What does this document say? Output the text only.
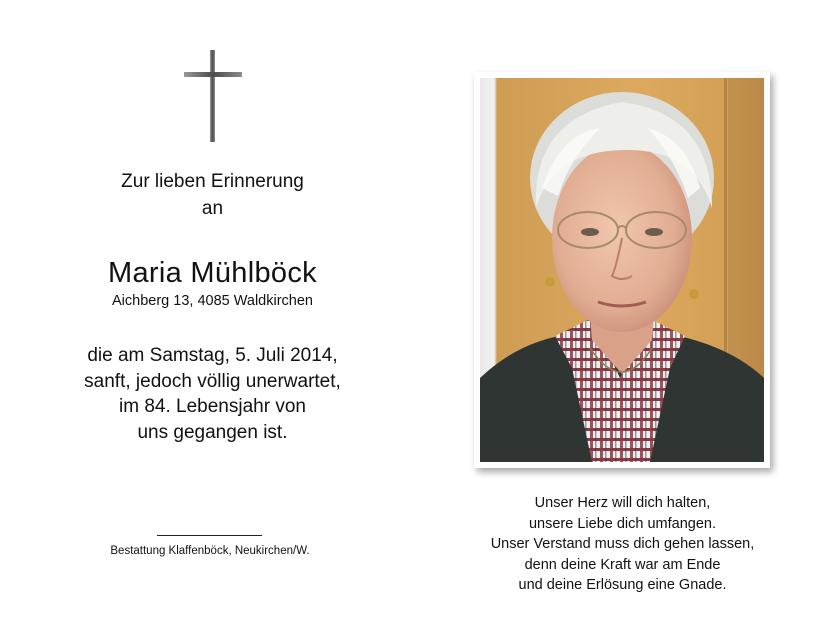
Zur lieben Erinnerung
an
Maria Mühlböck
Aichberg 13, 4085 Waldkirchen
die am Samstag, 5. Juli 2014,
sanft, jedoch völlig unerwartet,
im 84. Lebensjahr von
uns gegangen ist.
Bestattung Klaffenböck, Neukirchen/W.
Unser Herz will dich halten,
unsere Liebe dich umfangen.
Unser Verstand muss dich gehen lassen,
denn deine Kraft war am Ende
und deine Erlösung eine Gnade.
